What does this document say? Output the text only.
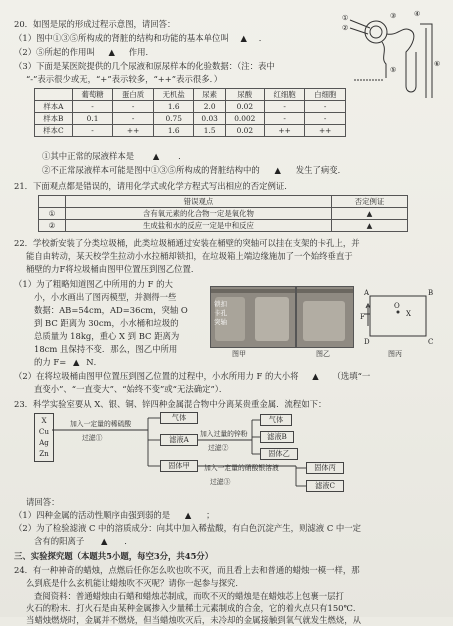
20．如图是尿的形成过程示意图，请回答：
（1）图中①③⑤所构成的肾脏的结构和功能的基本单位叫 ▲ ．
（2）⑤所起的作用叫 ▲ 作用．
（3）下面是某医院提供的几个尿液和原尿样本的化验数据：（注：表中
“-”表示很少或无，“+”表示较多，“++”表示很多．）
①
②
③	④
⑤
⑥
	葡萄糖	蛋白质	无机盐	尿素	尿酸	红细胞	白细胞
样本A	-	-	1.6	2.0	0.02	-	-
样本B	0.1	-	0.75	0.03	0.002	-	-
样本C	-	++	1.6	1.5	0.02	++	++
①其中正常的尿液样本是 ▲ ．
②不正常尿液样本可能是图中①③⑤所构成的肾脏结构中的 ▲ 发生了病变．
21．下面观点都是错误的，请用化学式或化学方程式写出相应的否定例证．
	错误观点	否定例证
①	含有氧元素的化合物一定是氧化物	▲
②	生成盐和水的反应一定是中和反应	▲
22．学校新安装了分类垃圾桶，此类垃圾桶通过安装在桶壁的突轴可以挂在支架的卡孔上，并
能自由转动，某天校学生拉动小水拉桶却锁扣，在垃圾箱上端边缘施加了一个始终垂直于
桶壁的力F将垃圾桶由图甲位置压到图乙位置．
（1）为了粗略知道图乙中所用的力 F 的大
小，小水画出了图丙模型，并测得一些
数据：AB=54cm，AD=36cm，突轴 O
到 BC 距离为 30cm，小水桶和垃圾的
总质量为 18kg，重心 X 到 BC 距离为
18cm 且保持不变．那么，图乙中所用
的力 F= ▲ N．
锁扣
卡孔
突轴
图甲	图乙
X
A	B
F
O
D	C
图丙
（2）在将垃圾桶由图甲位置压到图乙位置的过程中，小水所用力 F 的大小将 ▲ （选填“一
直变小”、“一直变大”、“始终不变”或“无法确定”）．
23．科学实验室要从 X、银、铜、锌四种金属混合物中分离某贵重金属．流程如下：
X
Cu
Ag
Zn
加入一定量的稀硫酸
过滤①
气体
滤液A
固体甲
加入过量的锌粉
过滤②
气体
滤液B
固体乙
加入一定量的硝酸银溶液
过滤③
固体丙
滤液C
请回答：
（1）四种金属的活动性顺序由强到弱的是 ▲ ；
（2）为了检验滤液 C 中的溶质成分：向其中加入稀盐酸，有白色沉淀产生，则滤液 C 中一定
含有的阳离子 ▲ ．
三、实验探究题（本题共5小题，每空3分，共45分）
24．有一种神奇的蜡烛，点燃后任你怎么吹也吹不灭，而且看上去和普通的蜡烛一模一样，那
么到底是什么玄机能让蜡烛吹不灭呢？请你一起参与探究．
查阅资料：普通蜡烛由石蜡和蜡烛芯制成，而吹不灭的蜡烛是在蜡烛芯上包裹一层打
火石的粉末．打火石是由某种金属掺入少量稀土元素制成的合金，它的着火点只有150℃．
当蜡烛燃烧时，金属并不燃烧，但当蜡烛吹灭后，未冷却的金属接触到氧气就发生燃烧，从
